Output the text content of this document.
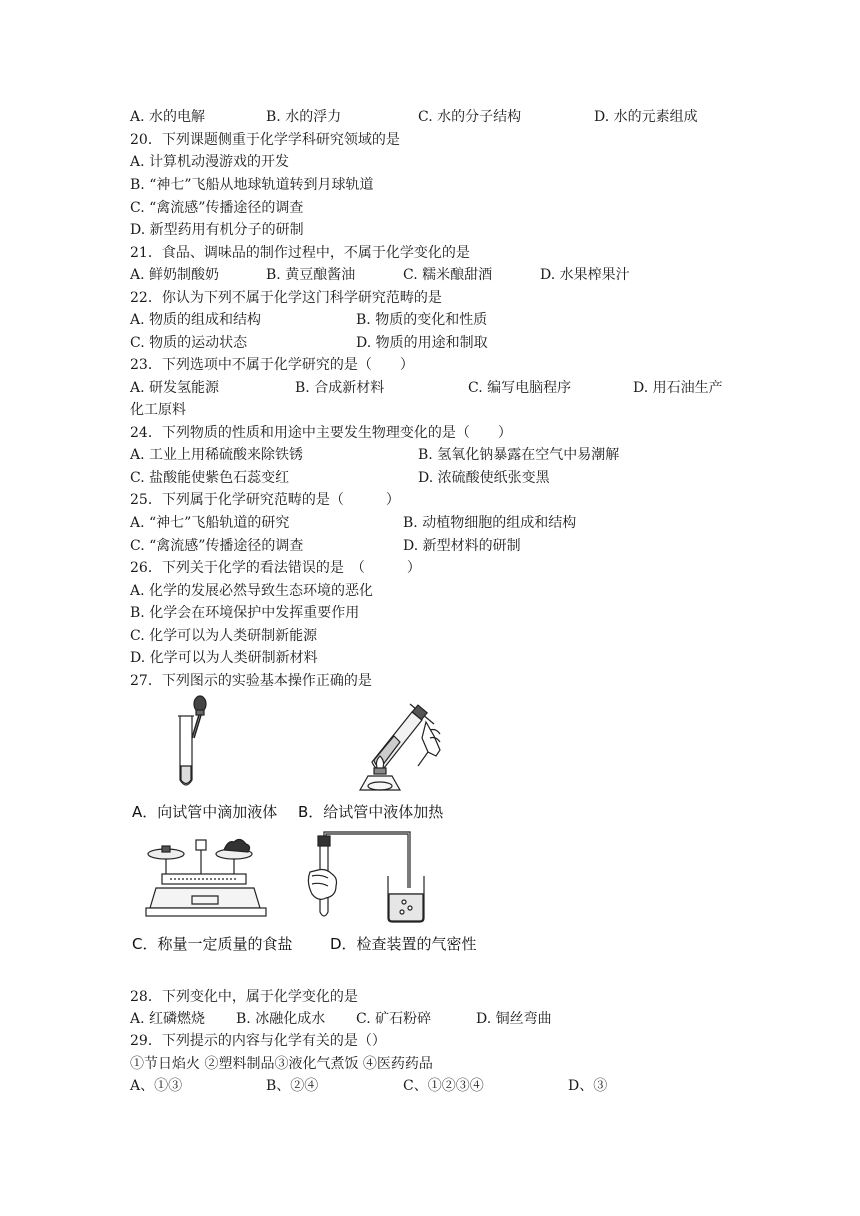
A. 水的电解	B. 水的浮力	C. 水的分子结构	D. 水的元素组成
20．下列课题侧重于化学学科研究领域的是
A. 计算机动漫游戏的开发
B. “神七”飞船从地球轨道转到月球轨道
C. “禽流感”传播途径的调查
D. 新型药用有机分子的研制
21．食品、调味品的制作过程中，不属于化学变化的是
A. 鲜奶制酸奶	B. 黄豆酿酱油	C. 糯米酿甜酒	D. 水果榨果汁
22．你认为下列不属于化学这门科学研究范畴的是
A. 物质的组成和结构	B. 物质的变化和性质
C. 物质的运动状态	D. 物质的用途和制取
23．下列选项中不属于化学研究的是（　　）
A. 研发氢能源	B. 合成新材料	C. 编写电脑程序	D. 用石油生产
化工原料
24．下列物质的性质和用途中主要发生物理变化的是（　　）
A. 工业上用稀硫酸来除铁锈	B. 氢氧化钠暴露在空气中易潮解
C. 盐酸能使紫色石蕊变红	D. 浓硫酸使纸张变黑
25．下列属于化学研究范畴的是（　　　）
A. “神七”飞船轨道的研究	B. 动植物细胞的组成和结构
C. “禽流感”传播途径的调查	D. 新型材料的研制
26．下列关于化学的看法错误的是　（　　　）
A. 化学的发展必然导致生态环境的恶化
B. 化学会在环境保护中发挥重要作用
C. 化学可以为人类研制新能源
D. 化学可以为人类研制新材料
27．下列图示的实验基本操作正确的是
A．向试管中滴加液体 B．给试管中液体加热
C．称量一定质量的食盐	D．检查装置的气密性
28．下列变化中，属于化学变化的是
A. 红磷燃烧 B. 冰融化成水 C. 矿石粉碎	D. 铜丝弯曲
29．下列提示的内容与化学有关的是（）
①节日焰火 ②塑料制品③液化气煮饭 ④医药药品
A、①③	B、②④	C、①②③④	D、③
